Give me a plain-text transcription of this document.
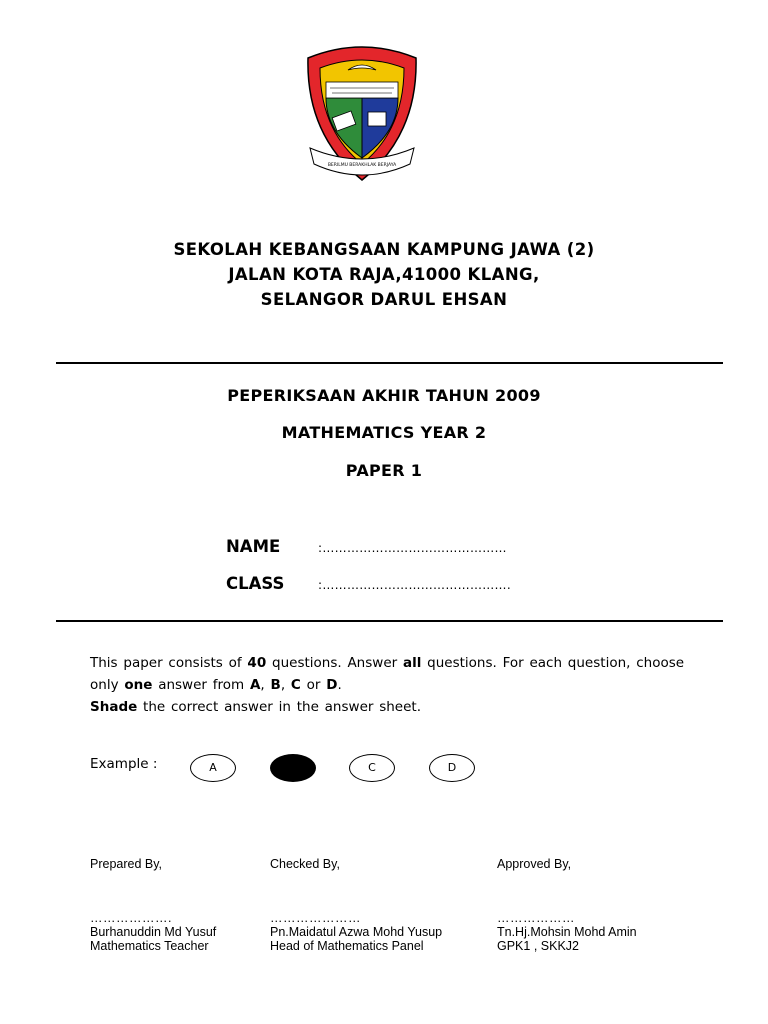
BERILMU BERAKHLAK BERJAYA
SEKOLAH KEBANGSAAN KAMPUNG JAWA (2)
JALAN KOTA RAJA,41000 KLANG,
SELANGOR DARUL EHSAN
PEPERIKSAAN AKHIR TAHUN 2009
MATHEMATICS YEAR 2
PAPER 1
NAME	:………………………………………
CLASS	:……………………………………….
This paper consists of 40 questions. Answer all questions. For each question, choose only one answer from A, B, C or D.
Shade the correct answer in the answer sheet.
Example :	A	B	C	D
Prepared By,
……………….
Burhanuddin Md Yusuf
Mathematics Teacher
Checked By,
…………………
Pn.Maidatul Azwa Mohd Yusup
Head of Mathematics Panel
Approved By,
………………
Tn.Hj.Mohsin Mohd Amin
GPK1 , SKKJ2
